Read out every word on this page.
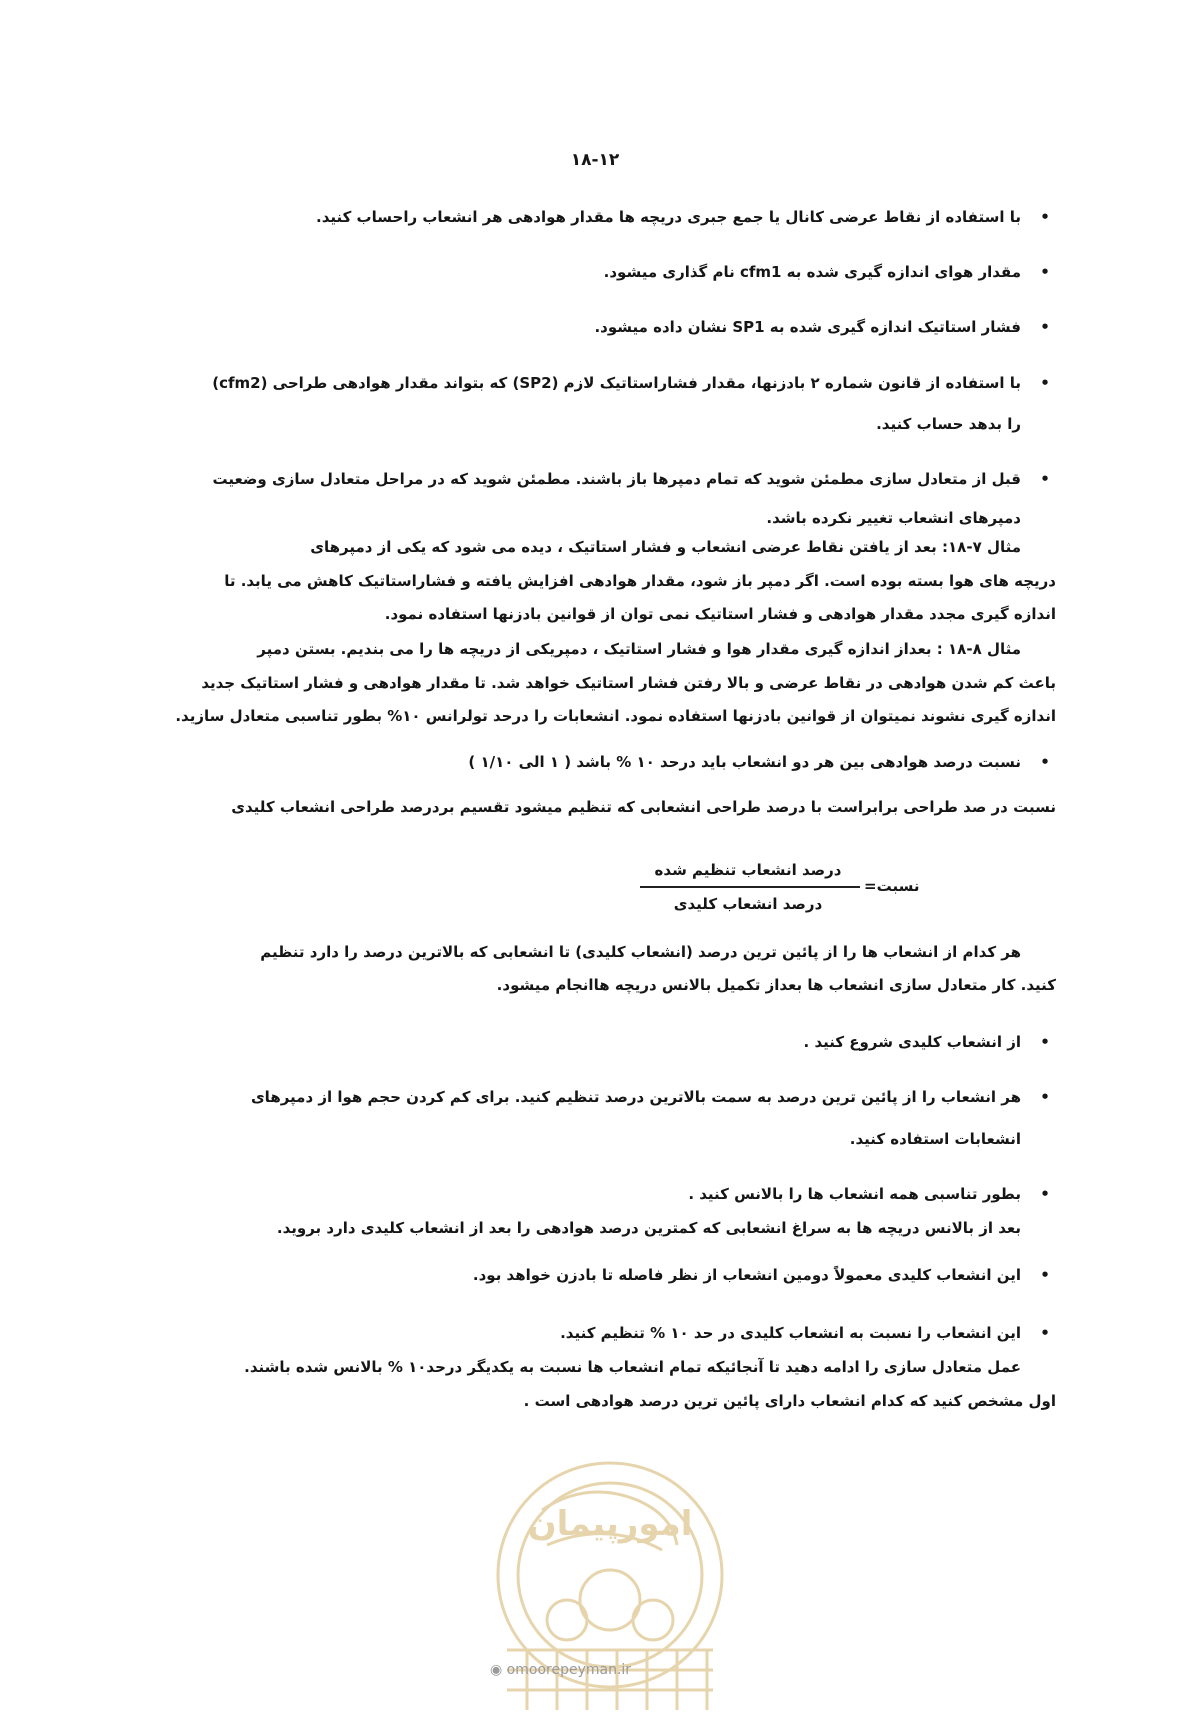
۱۸-۱۲
•
با استفاده از نقاط عرضی کانال یا جمع جبری دریچه ها مقدار هوادهی هر انشعاب راحساب کنید.
•
مقدار هوای اندازه گیری شده به cfm1 نام گذاری میشود.
•
فشار استاتیک اندازه گیری شده به SP1 نشان داده میشود.
•
با استفاده از قانون شماره ۲ بادزنها، مقدار فشاراستاتیک لازم (SP2) که بتواند مقدار هوادهی طراحی (cfm2)
را بدهد حساب کنید.
•
قبل از متعادل سازی مطمئن شوید که تمام دمپرها باز باشند. مطمئن شوید که در مراحل متعادل سازی وضعیت
دمپرهای انشعاب تغییر نکرده باشد.
مثال ۷-۱۸: بعد از یافتن نقاط عرضی انشعاب و فشار استاتیک ، دیده می شود که یکی از دمپرهای
دریچه های هوا بسته بوده است. اگر دمپر باز شود، مقدار هوادهی افزایش یافته و فشاراستاتیک کاهش می یابد. تا
اندازه گیری مجدد مقدار هوادهی و فشار استاتیک نمی توان از قوانین بادزنها استفاده نمود.
مثال ۸-۱۸ : بعداز اندازه گیری مقدار هوا و فشار استاتیک ، دمپریکی از دریچه ها را می بندیم. بستن دمپر
باعث کم شدن هوادهی در نقاط عرضی و بالا رفتن فشار استاتیک خواهد شد. تا مقدار هوادهی و فشار استاتیک جدید
اندازه گیری نشوند نمیتوان از قوانین بادزنها استفاده نمود. انشعابات را درحد تولرانس ۱۰% بطور تناسبی متعادل سازید.
•
نسبت درصد هوادهی بین هر دو انشعاب باید درحد ۱۰ % باشد ( ۱ الی ۱/۱۰ )
نسبت در صد طراحی برابراست با درصد طراحی انشعابی که تنظیم میشود تقسیم بردرصد طراحی انشعاب کلیدی
درصد انشعاب تنظیم شده
درصد انشعاب کلیدی
نسبت=
هر کدام از انشعاب ها را از پائین ترین درصد (انشعاب کلیدی) تا انشعابی که بالاترین درصد را دارد تنظیم
کنید. کار متعادل سازی انشعاب ها بعداز تکمیل بالانس دریچه هاانجام میشود.
•
از انشعاب کلیدی شروع کنید .
•
هر انشعاب را از پائین ترین درصد به سمت بالاترین درصد تنظیم کنید. برای کم کردن حجم هوا از دمپرهای
انشعابات استفاده کنید.
•
بطور تناسبی همه انشعاب ها را بالانس کنید .
بعد از بالانس دریچه ها به سراغ انشعابی که کمترین درصد هوادهی را بعد از انشعاب کلیدی دارد بروید.
•
این انشعاب کلیدی معمولاً دومین انشعاب از نظر فاصله تا بادزن خواهد بود.
•
این انشعاب را نسبت به انشعاب کلیدی در حد ۱۰ % تنظیم کنید.
عمل متعادل سازی را ادامه دهید تا آنجائیکه تمام انشعاب ها نسبت به یکدیگر درحد۱۰ % بالانس شده باشند.
اول مشخص کنید که کدام انشعاب دارای پائین ترین درصد هوادهی است .
امورپیمان
◉ omoorepeyman.ir
